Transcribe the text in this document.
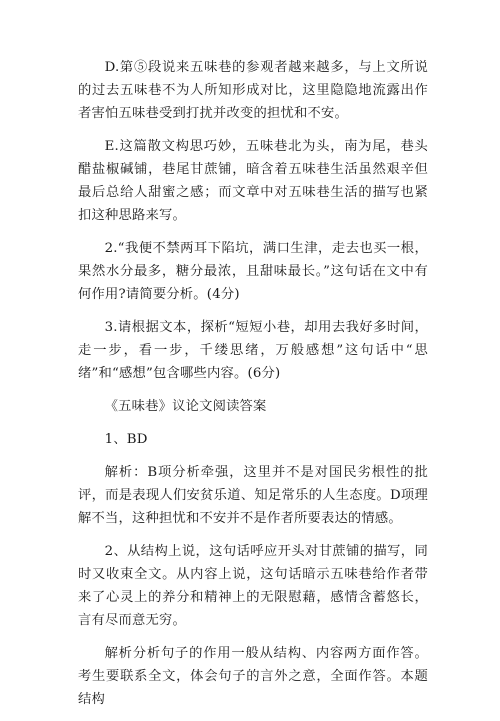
D.第⑤段说来五味巷的参观者越来越多，与上文所说的过去五味巷不为人所知形成对比，这里隐隐地流露出作者害怕五味巷受到打扰并改变的担忧和不安。

E.这篇散文构思巧妙，五味巷北为头，南为尾，巷头醋盐椒碱铺，巷尾甘蔗铺，暗含着五味巷生活虽然艰辛但最后总给人甜蜜之感；而文章中对五味巷生活的描写也紧扣这种思路来写。

2.“我便不禁两耳下陷坑，满口生津，走去也买一根，果然水分最多，糖分最浓，且甜味最长。”这句话在文中有何作用?请简要分析。(4分)

3.请根据文本，探析“短短小巷，却用去我好多时间，走一步，看一步，千缕思绪，万般感想”这句话中“思绪”和“感想”包含哪些内容。(6分)

《五味巷》议论文阅读答案

1、BD

解析：B项分析牵强，这里并不是对国民劣根性的批评，而是表现人们安贫乐道、知足常乐的人生态度。D项理解不当，这种担忧和不安并不是作者所要表达的情感。

2、从结构上说，这句话呼应开头对甘蔗铺的描写，同时又收束全文。从内容上说，这句话暗示五味巷给作者带来了心灵上的养分和精神上的无限慰藉，感情含蓄悠长，言有尽而意无穷。

解析分析句子的作用一般从结构、内容两方面作答。考生要联系全文，体会句子的言外之意，全面作答。本题结构
